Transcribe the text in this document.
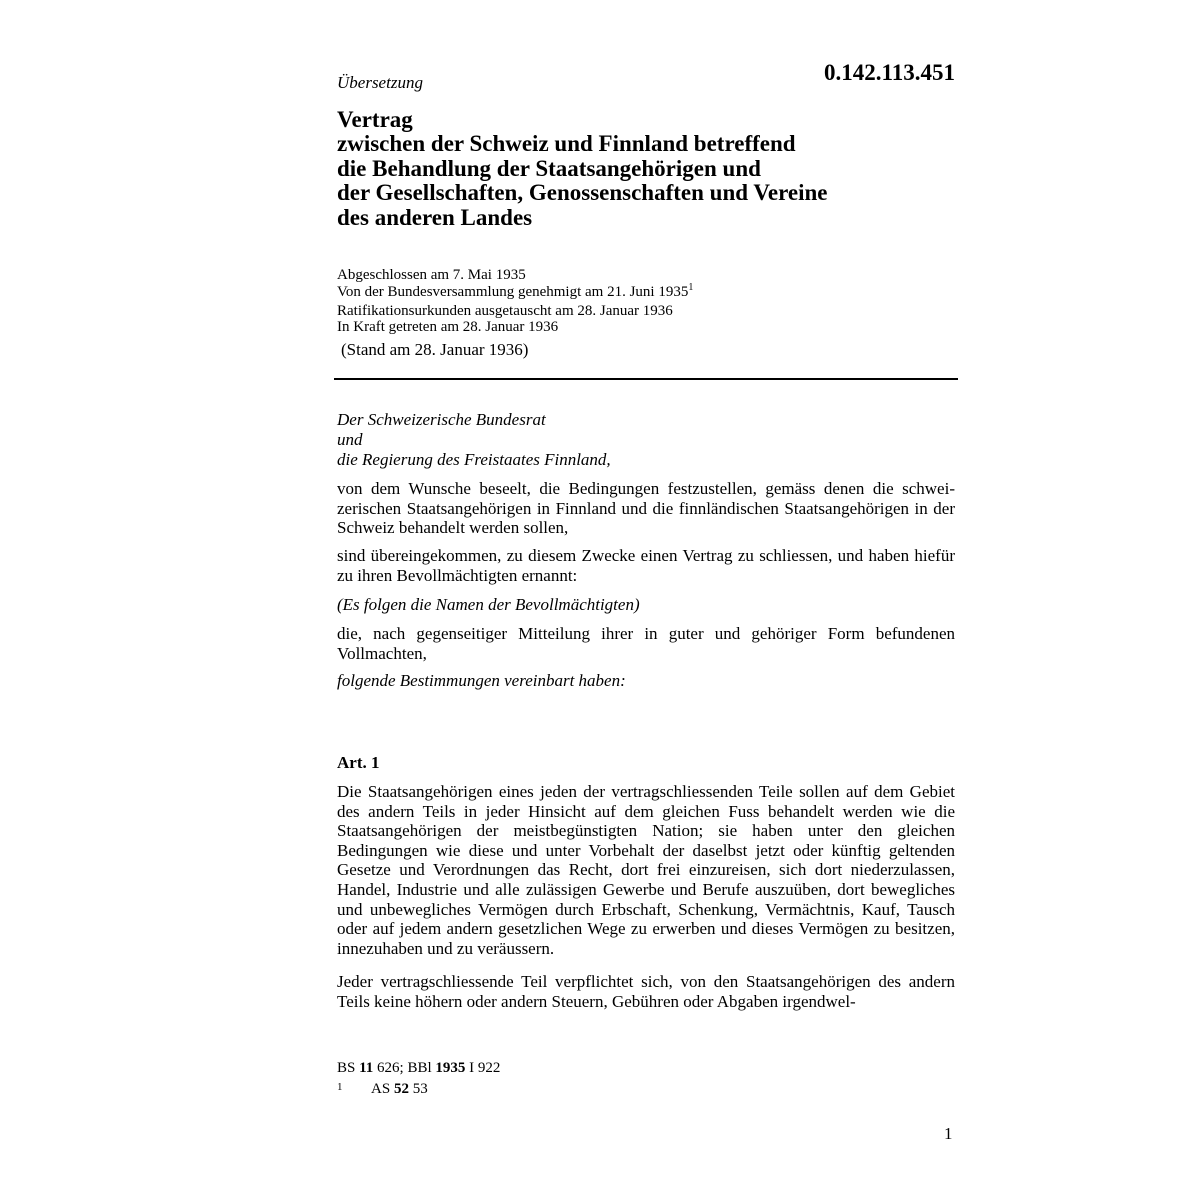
Übersetzung	0.142.113.451
Vertrag
zwischen der Schweiz und Finnland betreffend
die Behandlung der Staatsangehörigen und
der Gesellschaften, Genossenschaften und Vereine
des anderen Landes
Abgeschlossen am 7. Mai 1935
Von der Bundesversammlung genehmigt am 21. Juni 1935$^1$
Ratifikationsurkunden ausgetauscht am 28. Januar 1936
In Kraft getreten am 28. Januar 1936
(Stand am 28. Januar 1936)
Der Schweizerische Bundesrat
und
die Regierung des Freistaates Finnland,
von dem Wunsche beseelt, die Bedingungen festzustellen, gemäss denen die schweizerischen Staatsangehörigen in Finnland und die finnländischen Staatsangehörigen in der Schweiz behandelt werden sollen,
sind übereingekommen, zu diesem Zwecke einen Vertrag zu schliessen, und haben hiefür zu ihren Bevollmächtigten ernannt:
(Es folgen die Namen der Bevollmächtigten)
die, nach gegenseitiger Mitteilung ihrer in guter und gehöriger Form befundenen Vollmachten,
folgende Bestimmungen vereinbart haben:
Art. 1
Die Staatsangehörigen eines jeden der vertragschliessenden Teile sollen auf dem Gebiet des andern Teils in jeder Hinsicht auf dem gleichen Fuss behandelt werden wie die Staatsangehörigen der meistbegünstigten Nation; sie haben unter den gleichen Bedingungen wie diese und unter Vorbehalt der daselbst jetzt oder künftig geltenden Gesetze und Verordnungen das Recht, dort frei einzureisen, sich dort niederzulassen, Handel, Industrie und alle zulässigen Gewerbe und Berufe auszuüben, dort bewegliches und unbewegliches Vermögen durch Erbschaft, Schenkung, Vermächtnis, Kauf, Tausch oder auf jedem andern gesetzlichen Wege zu erwerben und dieses Vermögen zu besitzen, innezuhaben und zu veräussern.
Jeder vertragschliessende Teil verpflichtet sich, von den Staatsangehörigen des andern Teils keine höhern oder andern Steuern, Gebühren oder Abgaben irgendwel-
BS 11 626; BBl 1935 I 922
1 AS 52 53
1
